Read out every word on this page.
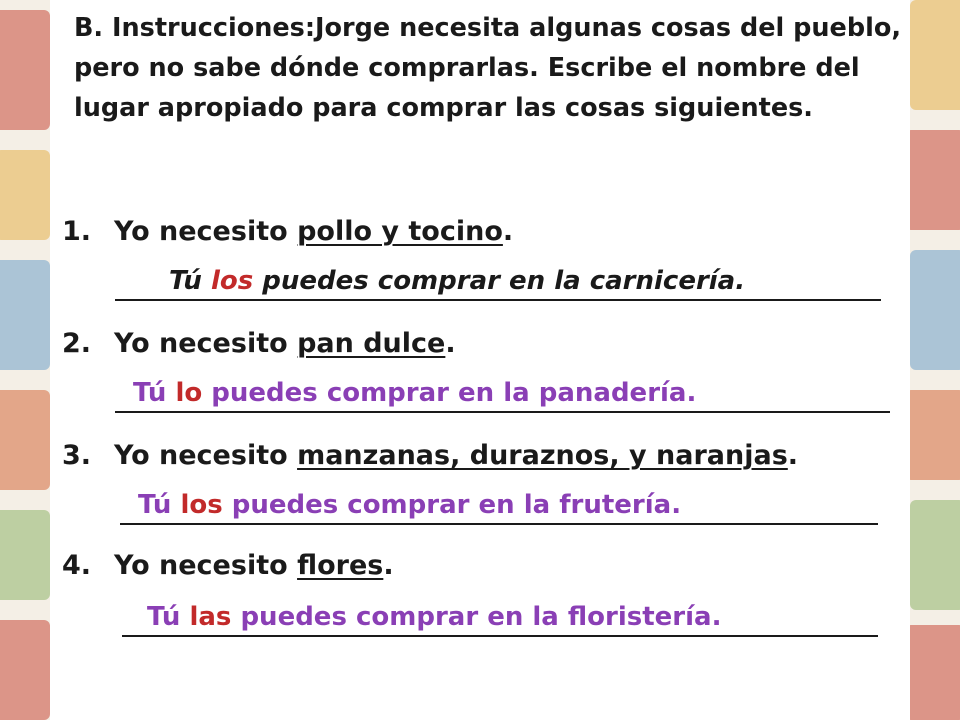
B. Instrucciones:Jorge necesita algunas cosas del pueblo, pero no sabe dónde comprarlas. Escribe el nombre del lugar apropiado para comprar las cosas siguientes.

1. Yo necesito pollo y tocino.
Tú los puedes comprar en la carnicería.
2. Yo necesito pan dulce.
Tú lo puedes comprar en la panadería.
3. Yo necesito manzanas, duraznos, y naranjas.
Tú los puedes comprar en la frutería.
4. Yo necesito flores.
Tú las puedes comprar en la floristería.
